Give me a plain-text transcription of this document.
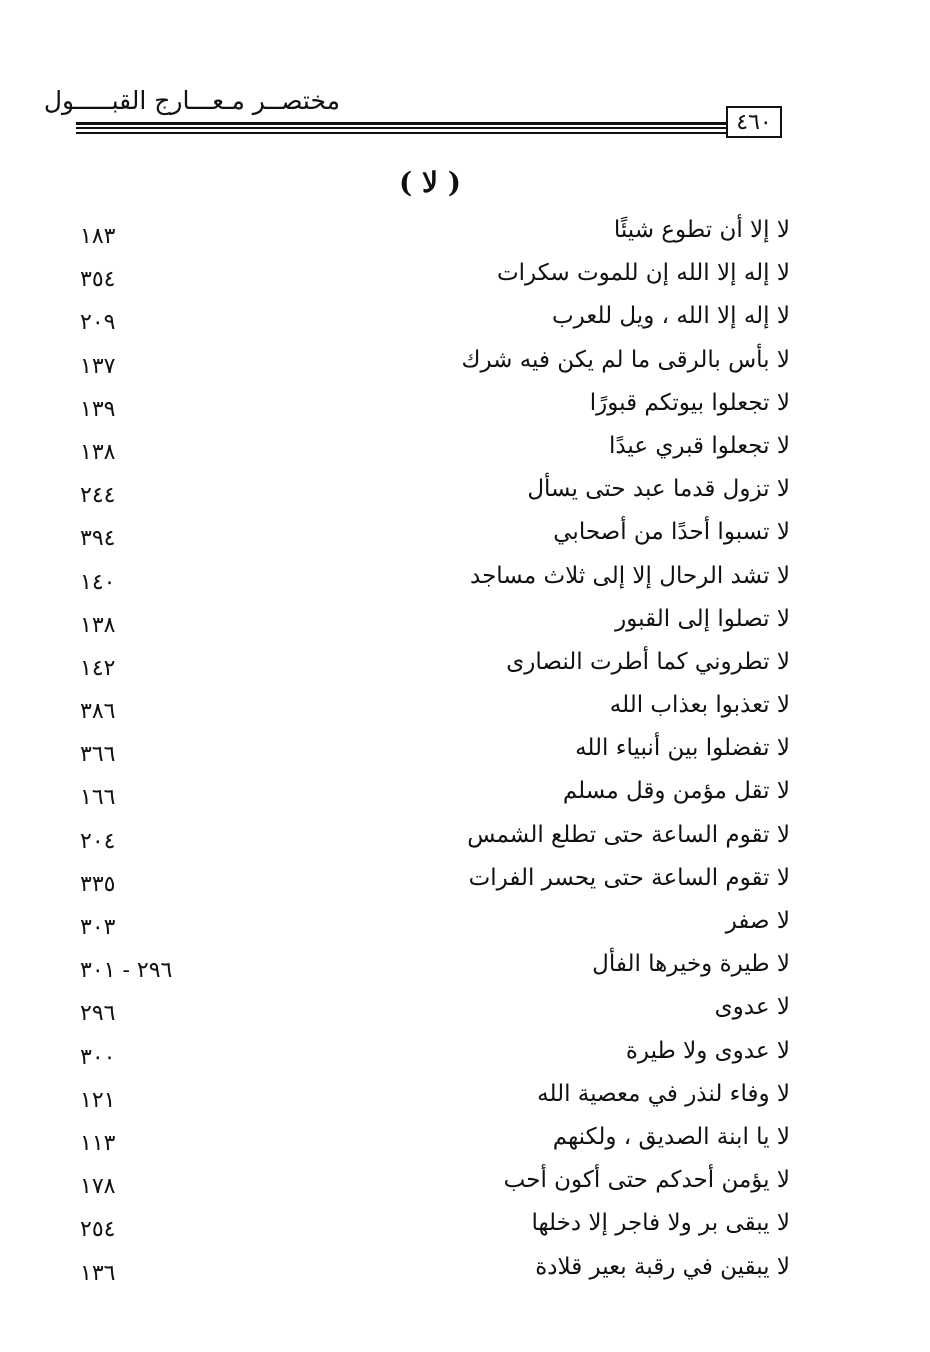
مختصــر مـعـــارج القبـــــول
٤٦٠
( لا )
لا إلا أن تطوع شيئًا
١٨٣
لا إله إلا الله إن للموت سكرات
٣٥٤
لا إله إلا الله ، ويل للعرب
٢٠٩
لا بأس بالرقى ما لم يكن فيه شرك
١٣٧
لا تجعلوا بيوتكم قبورًا
١٣٩
لا تجعلوا قبري عيدًا
١٣٨
لا تزول قدما عبد حتى يسأل
٢٤٤
لا تسبوا أحدًا من أصحابي
٣٩٤
لا تشد الرحال إلا إلى ثلاث مساجد
١٤٠
لا تصلوا إلى القبور
١٣٨
لا تطروني كما أطرت النصارى
١٤٢
لا تعذبوا بعذاب الله
٣٨٦
لا تفضلوا بين أنبياء الله
٣٦٦
لا تقل مؤمن وقل مسلم
١٦٦
لا تقوم الساعة حتى تطلع الشمس
٢٠٤
لا تقوم الساعة حتى يحسر الفرات
٣٣٥
لا صفر
٣٠٣
لا طيرة وخيرها الفأل
٢٩٦ - ٣٠١
لا عدوى
٢٩٦
لا عدوى ولا طيرة
٣٠٠
لا وفاء لنذر في معصية الله
١٢١
لا يا ابنة الصديق ، ولكنهم
١١٣
لا يؤمن أحدكم حتى أكون أحب
١٧٨
لا يبقى بر ولا فاجر إلا دخلها
٢٥٤
لا يبقين في رقبة بعير قلادة
١٣٦
